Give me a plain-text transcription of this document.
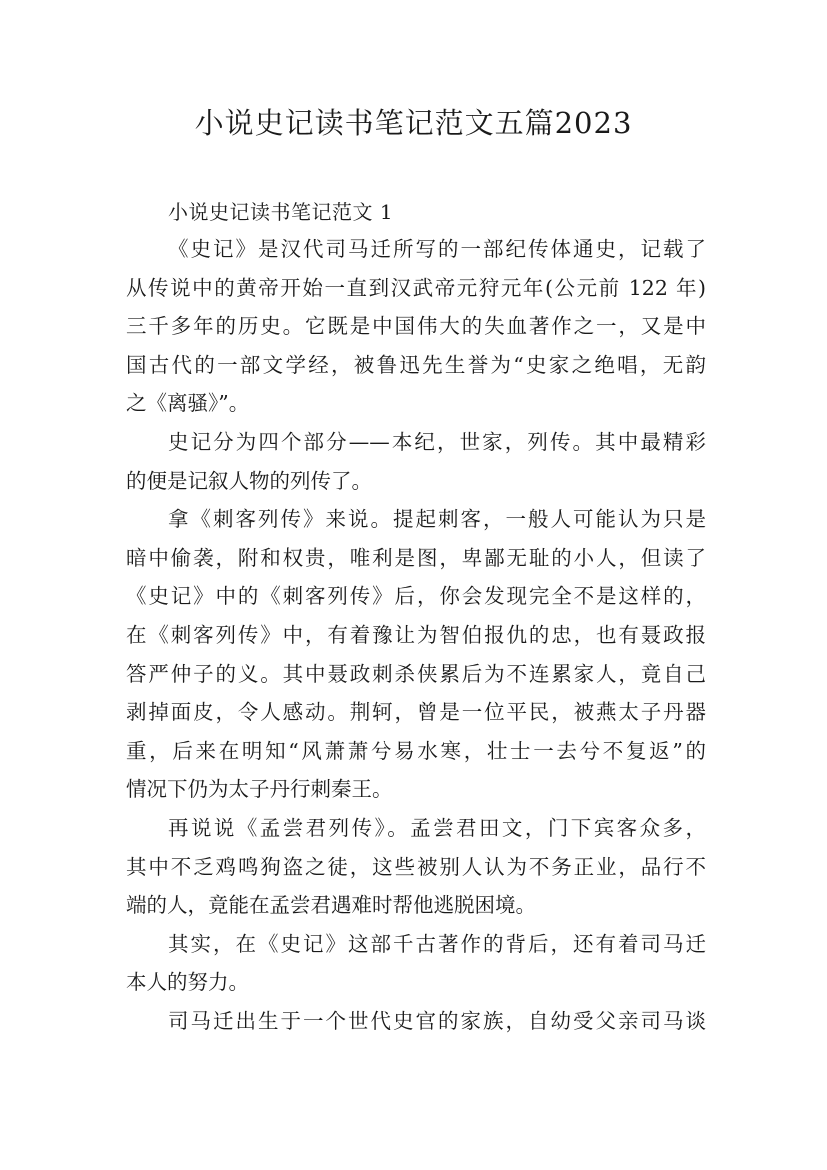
小说史记读书笔记范文五篇2023
小说史记读书笔记范文 1

《史记》是汉代司马迁所写的一部纪传体通史，记载了

从传说中的黄帝开始一直到汉武帝元狩元年(公元前 122 年)

三千多年的历史。它既是中国伟大的失血著作之一，又是中

国古代的一部文学经，被鲁迅先生誉为“史家之绝唱，无韵

之《离骚》”。

史记分为四个部分——本纪，世家，列传。其中最精彩

的便是记叙人物的列传了。

拿《刺客列传》来说。提起刺客，一般人可能认为只是

暗中偷袭，附和权贵，唯利是图，卑鄙无耻的小人，但读了

《史记》中的《刺客列传》后，你会发现完全不是这样的，

在《刺客列传》中，有着豫让为智伯报仇的忠，也有聂政报

答严仲子的义。其中聂政刺杀侠累后为不连累家人，竟自己

剥掉面皮，令人感动。荆轲，曾是一位平民，被燕太子丹器

重，后来在明知“风萧萧兮易水寒，壮士一去兮不复返”的

情况下仍为太子丹行刺秦王。

再说说《孟尝君列传》。孟尝君田文，门下宾客众多，

其中不乏鸡鸣狗盗之徒，这些被别人认为不务正业，品行不

端的人，竟能在孟尝君遇难时帮他逃脱困境。

其实，在《史记》这部千古著作的背后，还有着司马迁

本人的努力。

司马迁出生于一个世代史官的家族，自幼受父亲司马谈
